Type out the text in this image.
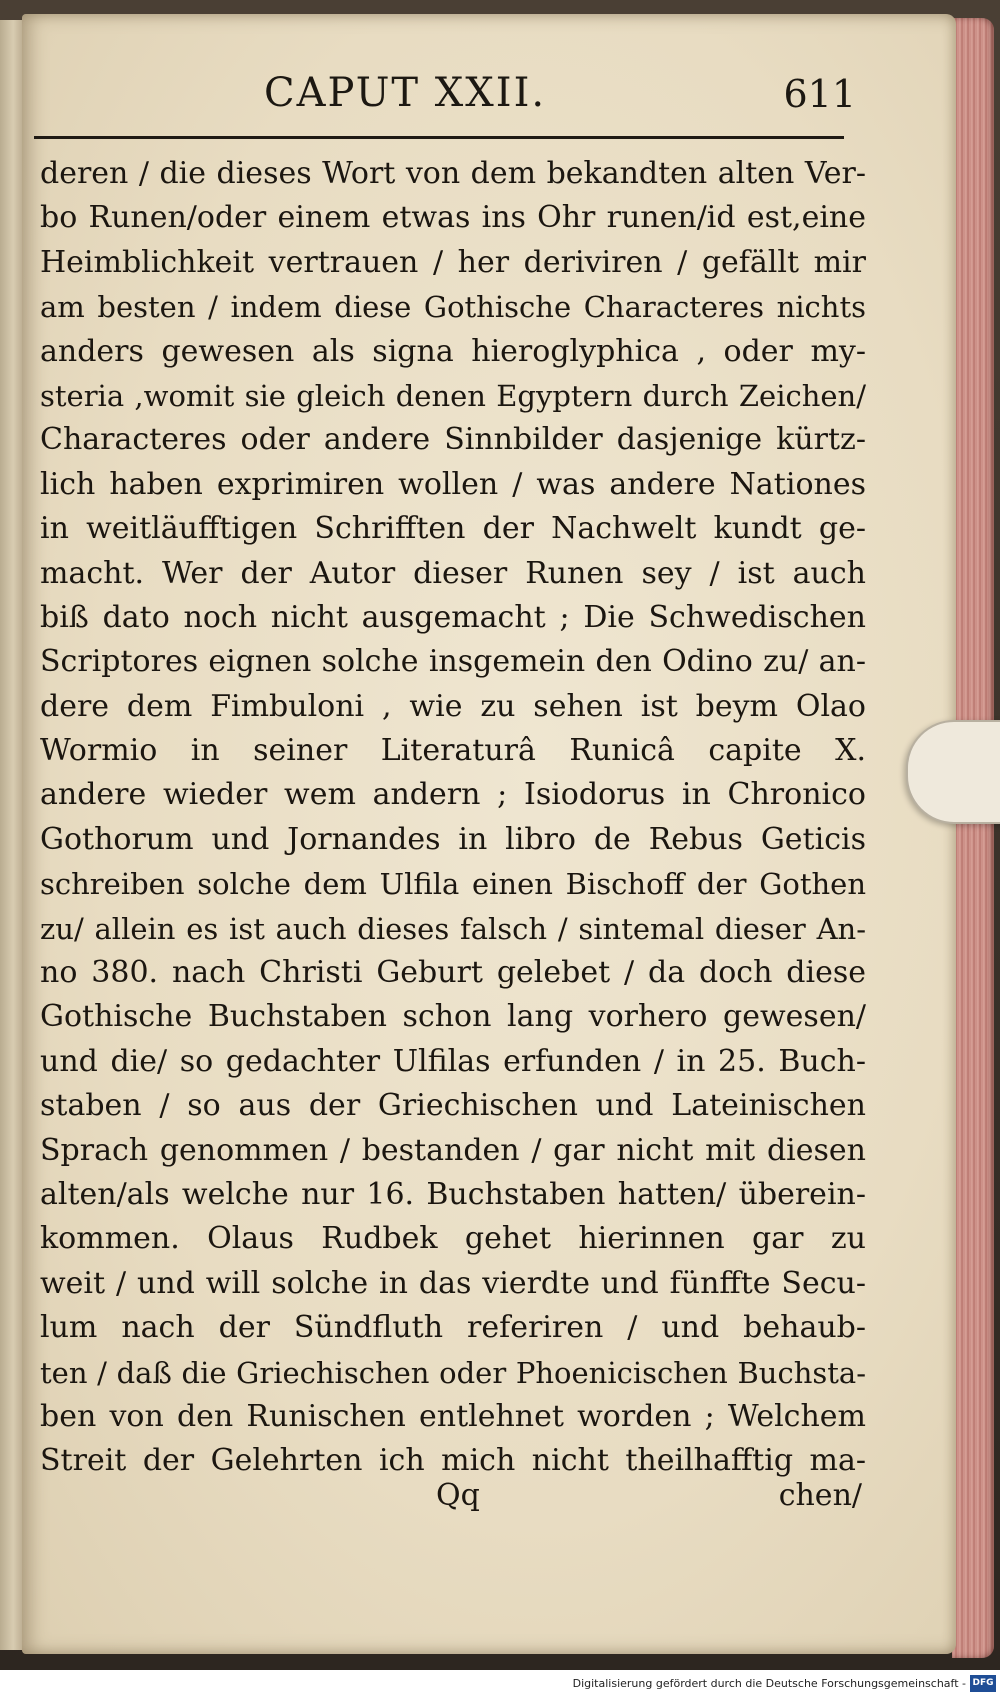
CAPUT XXII.	611
deren / die dieses Wort von dem bekandten alten Ver-
bo Runen/oder einem etwas ins Ohr runen/id est,eine
Heimblichkeit vertrauen / her deriviren / gefällt mir
am besten / indem diese Gothische Characteres nichts
anders gewesen als signa hieroglyphica , oder my-
steria ,womit sie gleich denen Egyptern durch Zeichen/
Characteres oder andere Sinnbilder dasjenige kürtz-
lich haben exprimiren wollen / was andere Nationes
in weitläufftigen Schrifften der Nachwelt kundt ge-
macht. Wer der Autor dieser Runen sey / ist auch
biß dato noch nicht ausgemacht ; Die Schwedischen
Scriptores eignen solche insgemein den Odino zu/ an-
dere dem Fimbuloni , wie zu sehen ist beym Olao
Wormio in seiner Literaturâ Runicâ capite X.
andere wieder wem andern ; Isiodorus in Chronico
Gothorum und Jornandes in libro de Rebus Geticis
schreiben solche dem Ulfila einen Bischoff der Gothen
zu/ allein es ist auch dieses falsch / sintemal dieser An-
no 380. nach Christi Geburt gelebet / da doch diese
Gothische Buchstaben schon lang vorhero gewesen/
und die/ so gedachter Ulfilas erfunden / in 25. Buch-
staben / so aus der Griechischen und Lateinischen
Sprach genommen / bestanden / gar nicht mit diesen
alten/als welche nur 16. Buchstaben hatten/ überein-
kommen. Olaus Rudbek gehet hierinnen gar zu
weit / und will solche in das vierdte und fünffte Secu-
lum nach der Sündfluth referiren / und behaub-
ten / daß die Griechischen oder Phoenicischen Buchsta-
ben von den Runischen entlehnet worden ; Welchem
Streit der Gelehrten ich mich nicht theilhafftig ma-
Qq	chen/
Digitalisierung gefördert durch die Deutsche Forschungsgemeinschaft - DFG
